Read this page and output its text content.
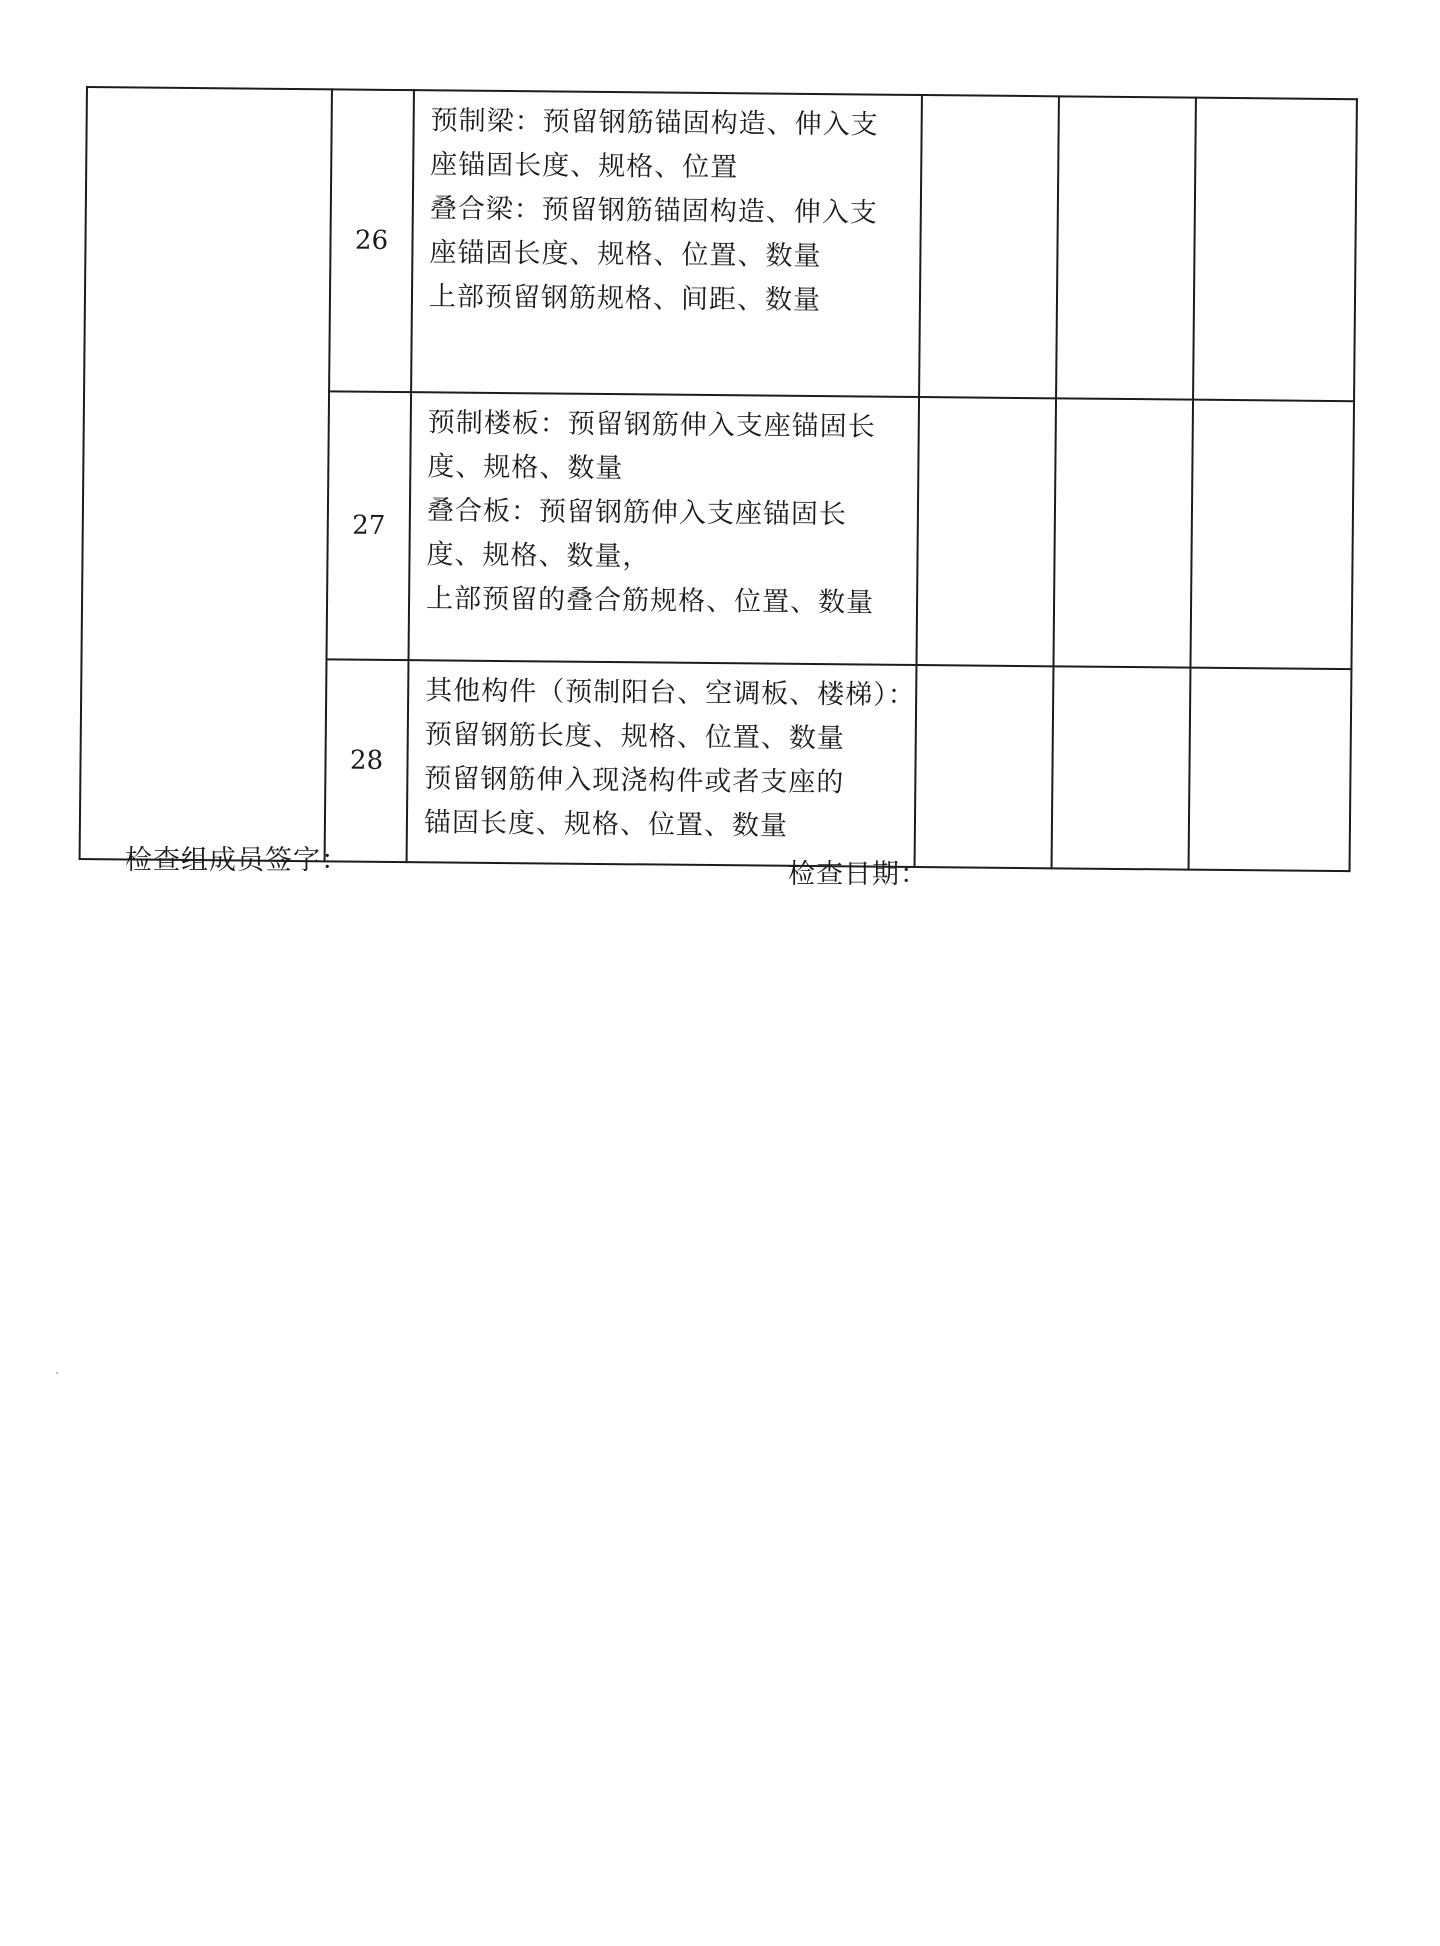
	26	预制梁：预留钢筋锚固构造、伸入支
座锚固长度、规格、位置
叠合梁：预留钢筋锚固构造、伸入支
座锚固长度、规格、位置、数量
上部预留钢筋规格、间距、数量			

	27	预制楼板：预留钢筋伸入支座锚固长
度、规格、数量
叠合板：预留钢筋伸入支座锚固长
度、规格、数量，
上部预留的叠合筋规格、位置、数量			

	28	其他构件（预制阳台、空调板、楼梯）：
预留钢筋长度、规格、位置、数量
预留钢筋伸入现浇构件或者支座的
锚固长度、规格、位置、数量			

检查组成员签字：	检查日期：
